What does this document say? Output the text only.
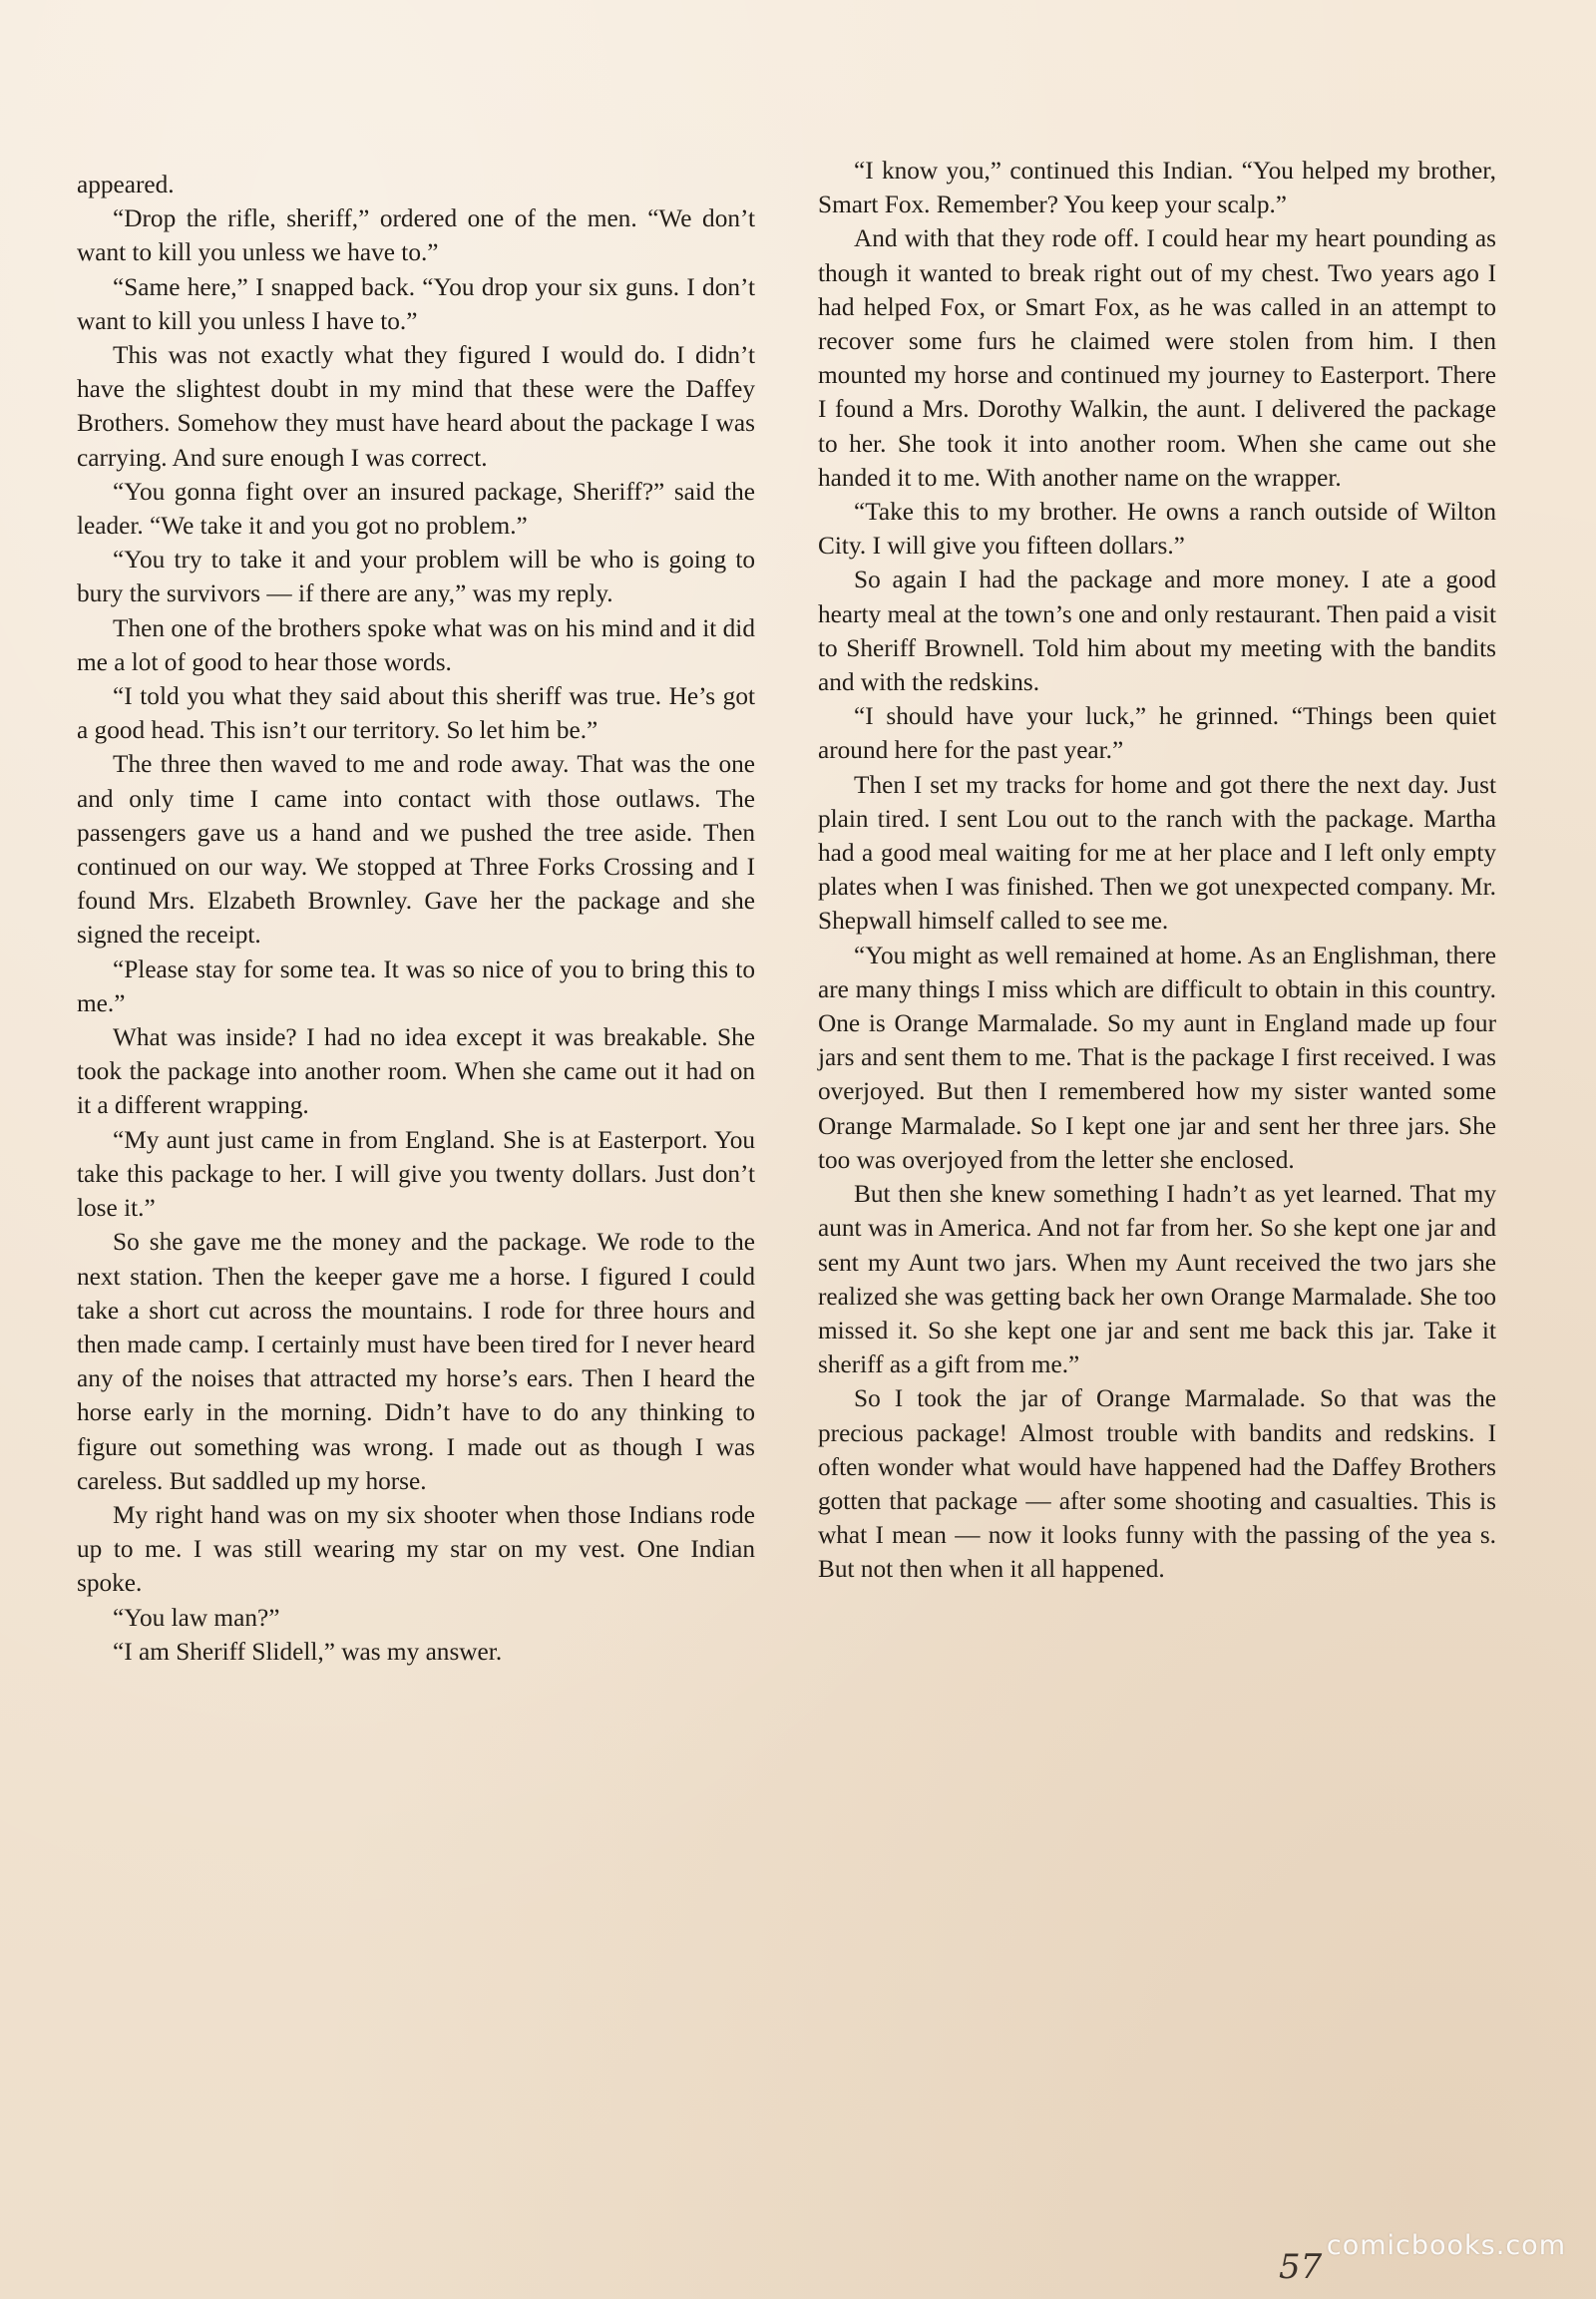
appeared.

“Drop the rifle, sheriff,” ordered one of the men. “We don’t want to kill you unless we have to.”

“Same here,” I snapped back. “You drop your six guns. I don’t want to kill you unless I have to.”

This was not exactly what they figured I would do. I didn’t have the slightest doubt in my mind that these were the Daffey Brothers. Somehow they must have heard about the package I was carrying. And sure enough I was correct.

“You gonna fight over an insured package, Sheriff?” said the leader. “We take it and you got no problem.”

“You try to take it and your problem will be who is going to bury the survivors — if there are any,” was my reply.

Then one of the brothers spoke what was on his mind and it did me a lot of good to hear those words.

“I told you what they said about this sheriff was true. He’s got a good head. This isn’t our territory. So let him be.”

The three then waved to me and rode away. That was the one and only time I came into contact with those outlaws. The passengers gave us a hand and we pushed the tree aside. Then continued on our way. We stopped at Three Forks Crossing and I found Mrs. Elzabeth Brownley. Gave her the package and she signed the receipt.

“Please stay for some tea. It was so nice of you to bring this to me.”

What was inside? I had no idea except it was breakable. She took the package into another room. When she came out it had on it a different wrapping.

“My aunt just came in from England. She is at Easterport. You take this package to her. I will give you twenty dollars. Just don’t lose it.”

So she gave me the money and the package. We rode to the next station. Then the keeper gave me a horse. I figured I could take a short cut across the mountains. I rode for three hours and then made camp. I certainly must have been tired for I never heard any of the noises that attracted my horse’s ears. Then I heard the horse early in the morning. Didn’t have to do any thinking to figure out something was wrong. I made out as though I was careless. But saddled up my horse.

My right hand was on my six shooter when those Indians rode up to me. I was still wearing my star on my vest. One Indian spoke.

“You law man?”

“I am Sheriff Slidell,” was my answer.

“I know you,” continued this Indian. “You helped my brother, Smart Fox. Remember? You keep your scalp.”

And with that they rode off. I could hear my heart pounding as though it wanted to break right out of my chest. Two years ago I had helped Fox, or Smart Fox, as he was called in an attempt to recover some furs he claimed were stolen from him. I then mounted my horse and continued my journey to Easterport. There I found a Mrs. Dorothy Walkin, the aunt. I delivered the package to her. She took it into another room. When she came out she handed it to me. With another name on the wrapper.

“Take this to my brother. He owns a ranch outside of Wilton City. I will give you fifteen dollars.”

So again I had the package and more money. I ate a good hearty meal at the town’s one and only restaurant. Then paid a visit to Sheriff Brownell. Told him about my meeting with the bandits and with the redskins.

“I should have your luck,” he grinned. “Things been quiet around here for the past year.”

Then I set my tracks for home and got there the next day. Just plain tired. I sent Lou out to the ranch with the package. Martha had a good meal waiting for me at her place and I left only empty plates when I was finished. Then we got unexpected company. Mr. Shepwall himself called to see me.

“You might as well remained at home. As an Englishman, there are many things I miss which are difficult to obtain in this country. One is Orange Marmalade. So my aunt in England made up four jars and sent them to me. That is the package I first received. I was overjoyed. But then I remembered how my sister wanted some Orange Marmalade. So I kept one jar and sent her three jars. She too was overjoyed from the letter she enclosed.

But then she knew something I hadn’t as yet learned. That my aunt was in America. And not far from her. So she kept one jar and sent my Aunt two jars. When my Aunt received the two jars she realized she was getting back her own Orange Marmalade. She too missed it. So she kept one jar and sent me back this jar. Take it sheriff as a gift from me.”

So I took the jar of Orange Marmalade. So that was the precious package! Almost trouble with bandits and redskins. I often wonder what would have happened had the Daffey Brothers gotten that package — after some shooting and casualties. This is what I mean — now it looks funny with the passing of the yea s. But not then when it all happened.

comicbooks.com
57
